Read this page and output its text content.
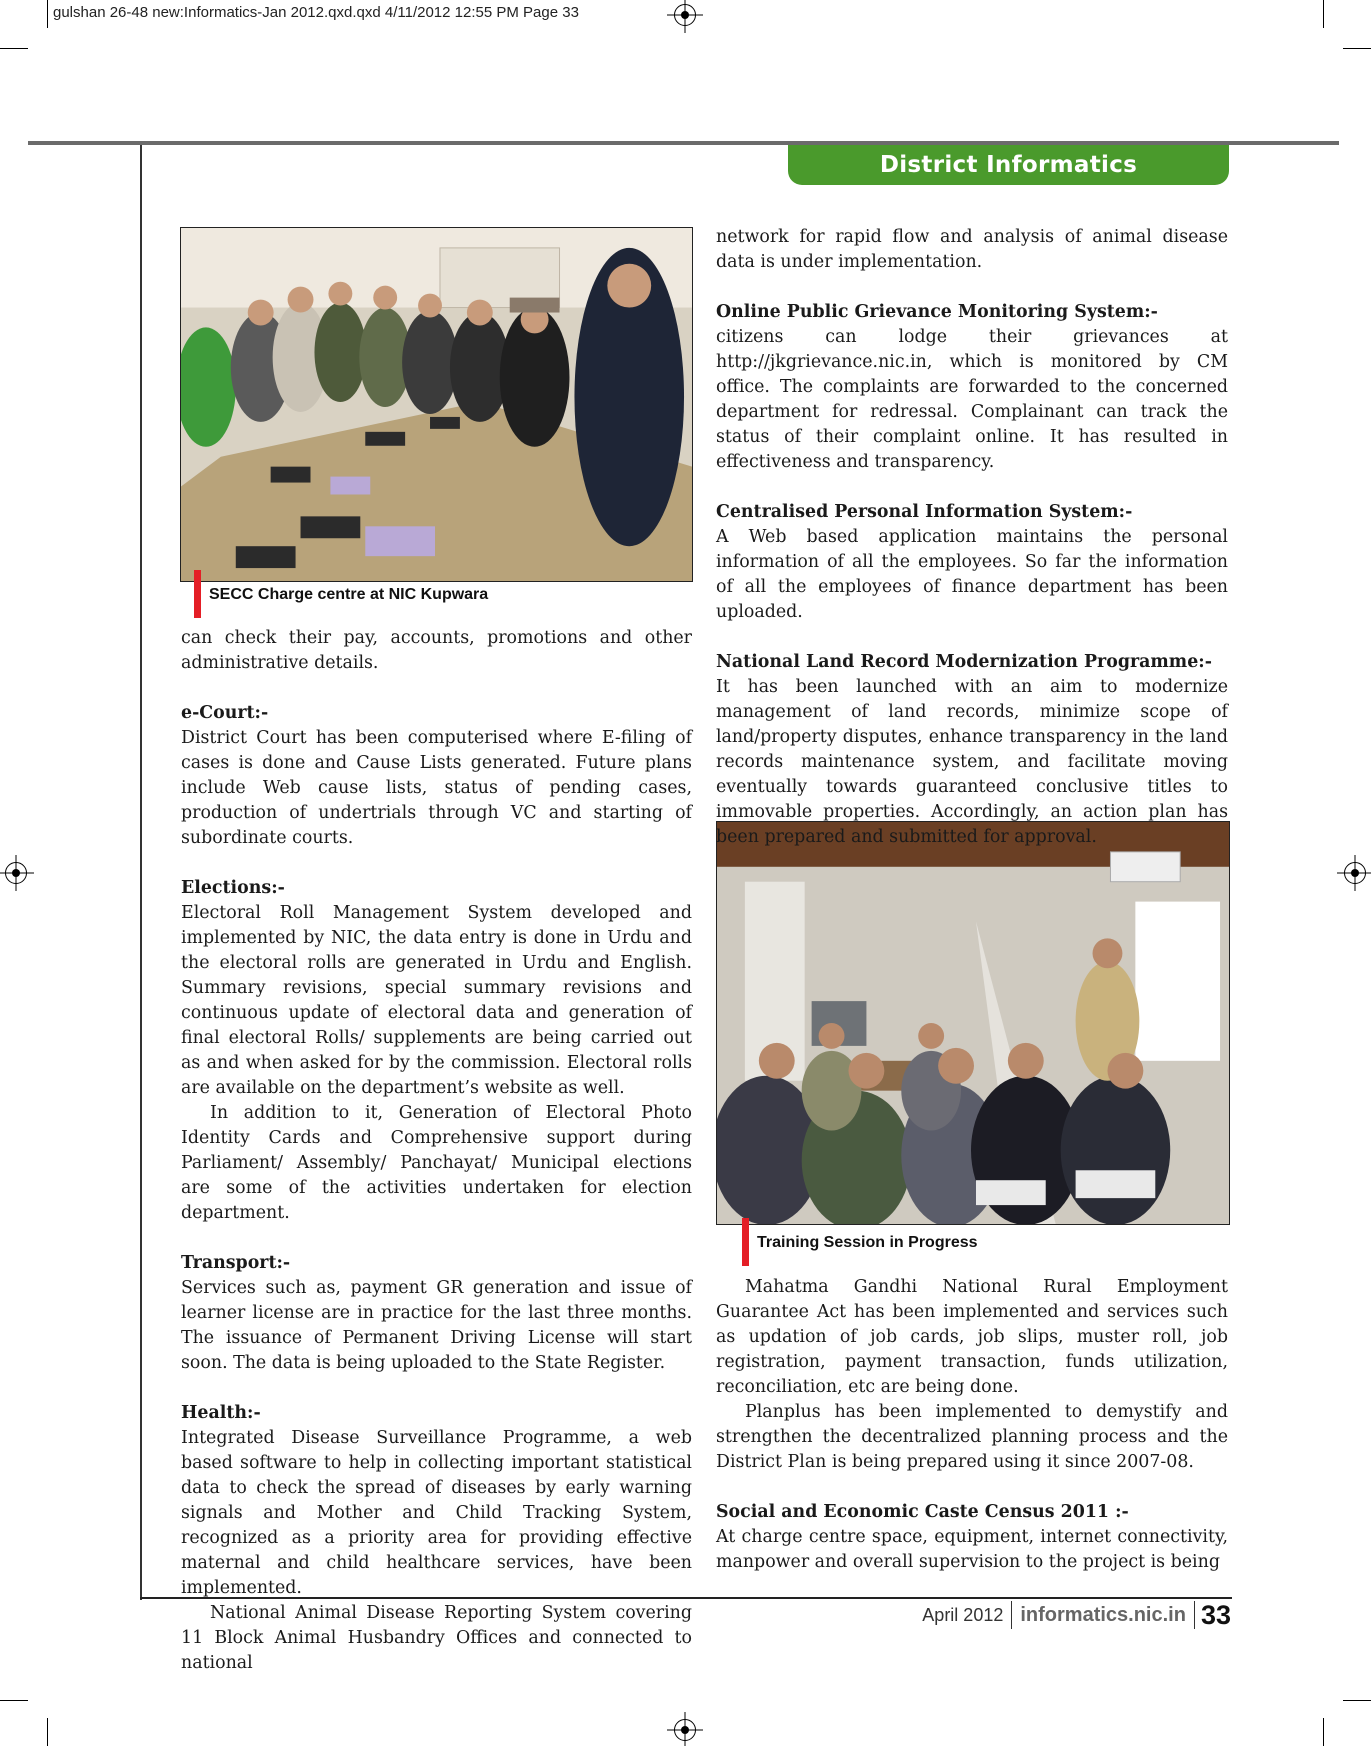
gulshan 26-48 new:Informatics-Jan 2012.qxd.qxd 4/11/2012 12:55 PM Page 33
District Informatics
SECC Charge centre at NIC Kupwara
Training Session in Progress

can check their pay, accounts, promotions and other administrative details.

e-Court:-

District Court has been computerised where E-filing of cases is done and Cause Lists generated. Future plans include Web cause lists, status of pending cases, production of undertrials through VC and starting of subordinate courts.

Elections:-

Electoral Roll Management System developed and implemented by NIC, the data entry is done in Urdu and the electoral rolls are generated in Urdu and English. Summary revisions, special summary revisions and continuous update of electoral data and generation of final electoral Rolls/ supplements are being carried out as and when asked for by the commission. Electoral rolls are available on the department’s website as well.

In addition to it, Generation of Electoral Photo Identity Cards and Comprehensive support during Parliament/ Assembly/ Panchayat/ Municipal elections are some of the activities undertaken for election department.

Transport:-

Services such as, payment GR generation and issue of learner license are in practice for the last three months. The issuance of Permanent Driving License will start soon. The data is being uploaded to the State Register.

Health:-

Integrated Disease Surveillance Programme, a web based software to help in collecting important statistical data to check the spread of diseases by early warning signals and Mother and Child Tracking System, recognized as a priority area for providing effective maternal and child healthcare services, have been implemented.

National Animal Disease Reporting System covering 11 Block Animal Husbandry Offices and connected to national

network for rapid flow and analysis of animal disease data is under implementation.

Online Public Grievance Monitoring System:-

citizens can lodge their grievances at http://jkgrievance.nic.in, which is monitored by CM office. The complaints are forwarded to the concerned department for redressal. Complainant can track the status of their complaint online. It has resulted in effectiveness and transparency.

Centralised Personal Information System:-

A Web based application maintains the personal information of all the employees. So far the information of all the employees of finance department has been uploaded.

National Land Record Modernization Programme:-

It has been launched with an aim to modernize management of land records, minimize scope of land/property disputes, enhance transparency in the land records maintenance system, and facilitate moving eventually towards guaranteed conclusive titles to immovable properties. Accordingly, an action plan has been prepared and submitted for approval.

Mahatma Gandhi National Rural Employment Guarantee Act has been implemented and services such as updation of job cards, job slips, muster roll, job registration, payment transaction, funds utilization, reconciliation, etc are being done.

Planplus has been implemented to demystify and strengthen the decentralized planning process and the District Plan is being prepared using it since 2007-08.

Social and Economic Caste Census 2011 :-

At charge centre space, equipment, internet connectivity, manpower and overall supervision to the project is being

April 2012 informatics.nic.in 33
